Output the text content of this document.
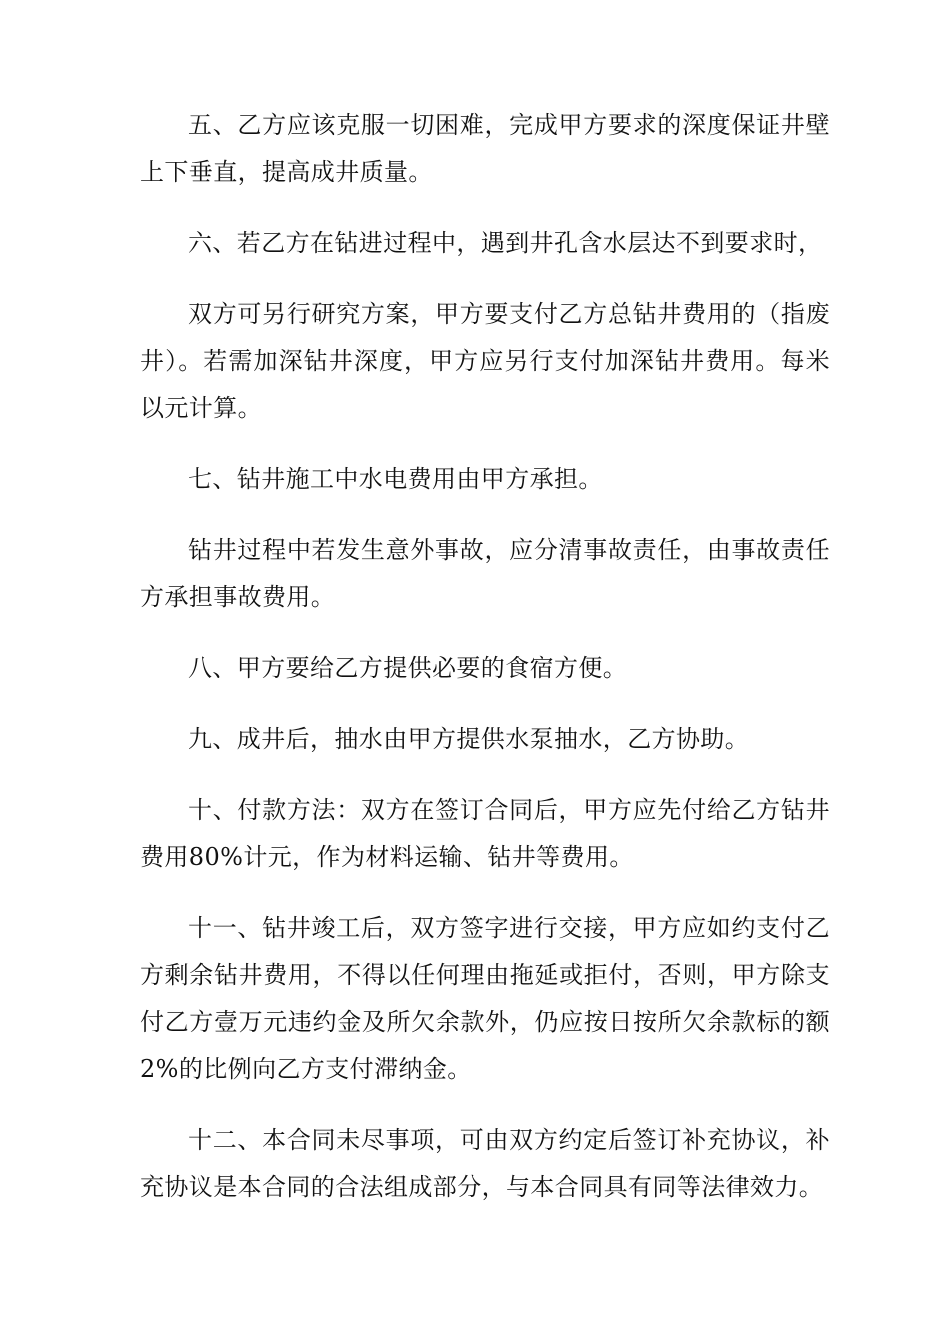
五、乙方应该克服一切困难，完成甲方要求的深度保证井壁上下垂直，提高成井质量。

六、若乙方在钻进过程中，遇到井孔含水层达不到要求时，

双方可另行研究方案，甲方要支付乙方总钻井费用的（指废井）。若需加深钻井深度，甲方应另行支付加深钻井费用。每米以元计算。

七、钻井施工中水电费用由甲方承担。

钻井过程中若发生意外事故，应分清事故责任，由事故责任方承担事故费用。

八、甲方要给乙方提供必要的食宿方便。

九、成井后，抽水由甲方提供水泵抽水，乙方协助。

十、付款方法：双方在签订合同后，甲方应先付给乙方钻井费用80%计元，作为材料运输、钻井等费用。

十一、钻井竣工后，双方签字进行交接，甲方应如约支付乙方剩余钻井费用，不得以任何理由拖延或拒付，否则，甲方除支付乙方壹万元违约金及所欠余款外，仍应按日按所欠余款标的额2%的比例向乙方支付滞纳金。

十二、本合同未尽事项，可由双方约定后签订补充协议，补充协议是本合同的合法组成部分，与本合同具有同等法律效力。
